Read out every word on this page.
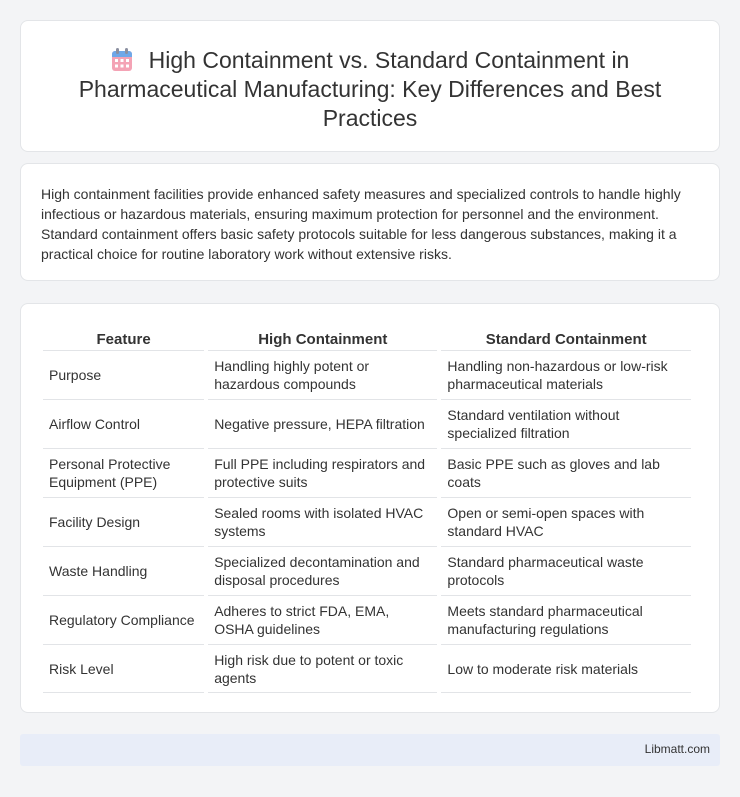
High Containment vs. Standard Containment in Pharmaceutical Manufacturing: Key Differences and Best Practices

High containment facilities provide enhanced safety measures and specialized controls to handle highly infectious or hazardous materials, ensuring maximum protection for personnel and the environment. Standard containment offers basic safety protocols suitable for less dangerous substances, making it a practical choice for routine laboratory work without extensive risks.

Feature	High Containment	Standard Containment
Purpose	Handling highly potent or hazardous compounds	Handling non-hazardous or low-risk pharmaceutical materials
Airflow Control	Negative pressure, HEPA filtration	Standard ventilation without specialized filtration
Personal Protective Equipment (PPE)	Full PPE including respirators and protective suits	Basic PPE such as gloves and lab coats
Facility Design	Sealed rooms with isolated HVAC systems	Open or semi-open spaces with standard HVAC
Waste Handling	Specialized decontamination and disposal procedures	Standard pharmaceutical waste protocols
Regulatory Compliance	Adheres to strict FDA, EMA, OSHA guidelines	Meets standard pharmaceutical manufacturing regulations
Risk Level	High risk due to potent or toxic agents	Low to moderate risk materials
Libmatt.com
